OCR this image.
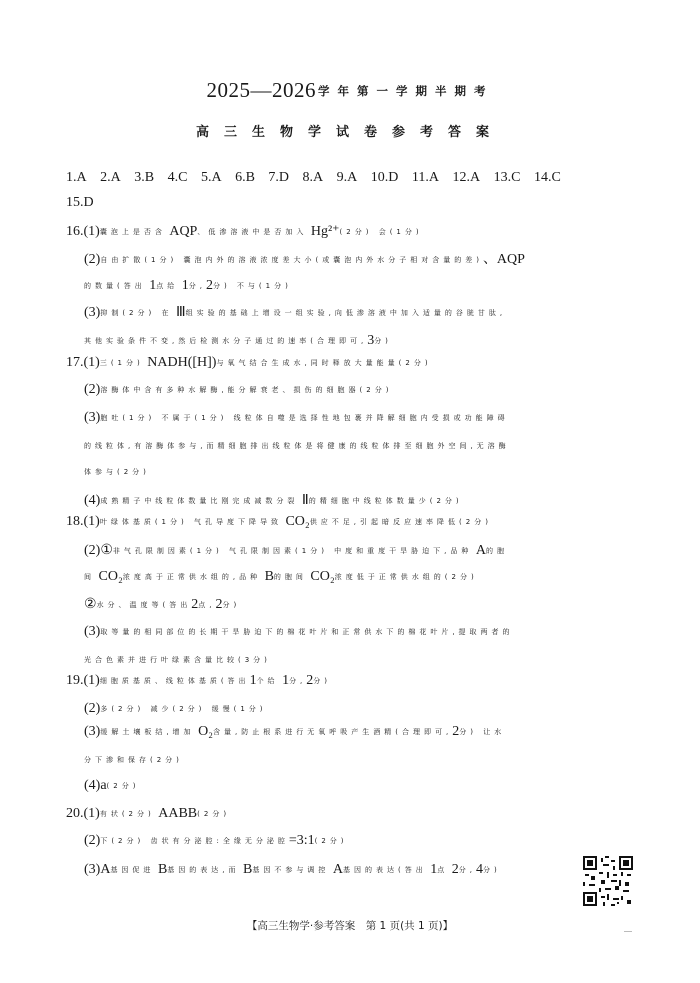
2025—2026 学年第一学期半期考
高三生物学试卷参考答案
1.A 2.A 3.B 4.C 5.A 6.B 7.D 8.A 9.A 10.D 11.A 12.A 13.C 14.C
15.D
16.(1)囊泡上是否含 AQP、低渗溶液中是否加入 Hg²⁺(2分) 会(1分)
(2)自由扩散(1分) 囊泡内外的溶液浓度差大小(或囊泡内外水分子相对含量的差)、AQP
的数量(答出 1点给 1分,2分) 不与(1分)
(3)抑制(2分) 在 Ⅲ组实验的基础上增设一组实验,向低渗溶液中加入适量的谷胱甘肽,
其他实验条件不变,然后检测水分子通过的速率(合理即可,3分)
17.(1)三(1分) NADH([H])与氧气结合生成水,同时释放大量能量(2分)
(2)溶酶体中含有多种水解酶,能分解衰老、损伤的细胞器(2分)
(3)胞吐(1分) 不属于(1分) 线粒体自噬是选择性地包裹并降解细胞内受损或功能障碍
的线粒体,有溶酶体参与,而精细胞排出线粒体是将健康的线粒体排至细胞外空间,无溶酶
体参与(2分)
(4)成熟精子中线粒体数量比刚完成减数分裂 Ⅱ的精细胞中线粒体数量少(2分)
18.(1)叶绿体基质(1分) 气孔导度下降导致 CO₂供应不足,引起暗反应速率降低(2分)
(2)①非气孔限制因素(1分) 气孔限制因素(1分) 中度和重度干旱胁迫下,品种 A的胞
间 CO₂浓度高于正常供水组的,品种 B的胞间 CO₂浓度低于正常供水组的(2分)
②水分、温度等(答出2点,2分)
(3)取等量的相同部位的长期干旱胁迫下的棉花叶片和正常供水下的棉花叶片,提取两者的
光合色素并进行叶绿素含量比较(3分)
19.(1)细胞质基质、线粒体基质(答出1个给 1分,2分)
(2)多(2分) 减少(2分) 缓慢(1分)
(3)缓解土壤板结,增加 O₂含量,防止根系进行无氧呼吸产生酒精(合理即可,2分) 让水
分下渗和保存(2分)
(4)a(2分)
20.(1)有状(2分) AABB(2分)
(2)下(2分) 齿状有分泌腔:全缘无分泌腔=3:1(2分)
(3)A基因促进 B基因的表达,而 B基因不参与调控 A基因的表达(答出 1点 2分,4分)
【高三生物学·参考答案　第 1 页(共 1 页)】
